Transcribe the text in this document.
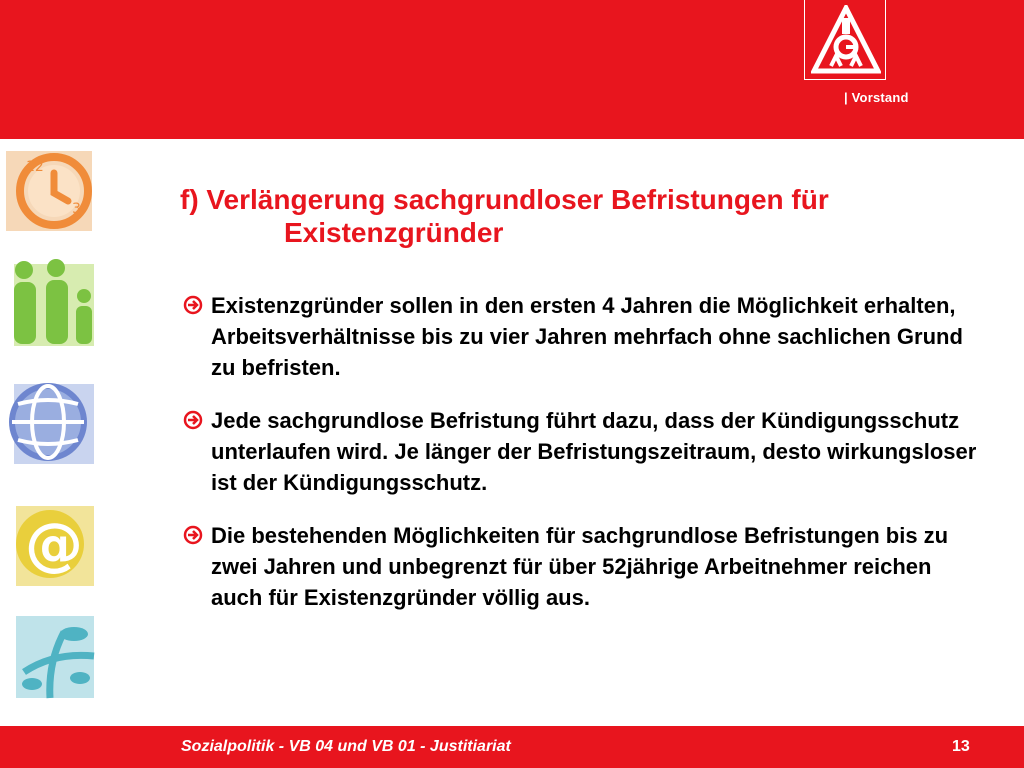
| Vorstand
12
3
@
f) Verlängerung sachgrundloser Befristungen für
Existenzgründer
Existenzgründer sollen in den ersten 4 Jahren die Möglichkeit erhalten, Arbeitsverhältnisse bis zu vier Jahren mehrfach ohne sachlichen Grund zu befristen.
Jede sachgrundlose Befristung führt dazu, dass der Kündigungsschutz unterlaufen wird. Je länger der Befristungszeitraum, desto wirkungsloser ist der Kündigungsschutz.
Die bestehenden Möglichkeiten für sachgrundlose Befristungen bis zu zwei Jahren und unbegrenzt für über 52jährige Arbeitnehmer reichen auch für Existenzgründer völlig aus.
Sozialpolitik - VB 04 und VB 01 - Justitiariat	13
